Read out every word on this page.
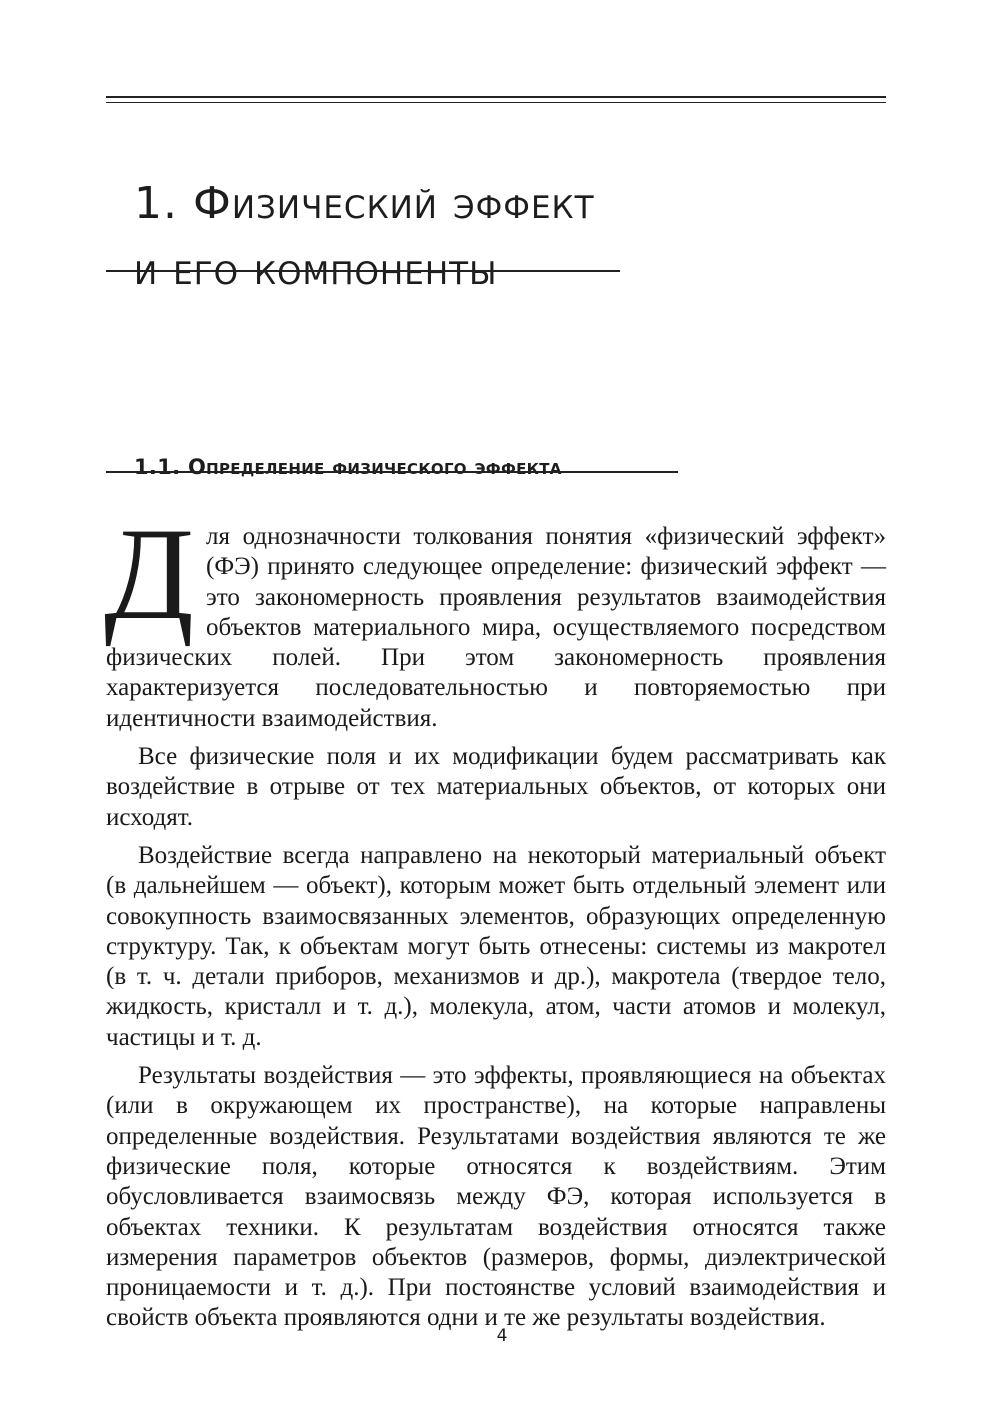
1. Физический эффект
и его компоненты
1.1. Определение физического эффекта

Для однозначности толкования понятия «физический эффект» (ФЭ) принято следующее определение: физический эффект — это закономерность проявления результатов взаимодействия объектов материального мира, осуществляемого посредством физических полей. При этом закономерность проявления характеризуется последовательностью и повторяемостью при идентичности взаимодействия.

Все физические поля и их модификации будем рассматривать как воздействие в отрыве от тех материальных объектов, от которых они исходят.

Воздействие всегда направлено на некоторый материальный объект (в дальнейшем — объект), которым может быть отдельный элемент или совокупность взаимосвязанных элементов, образующих определенную структуру. Так, к объектам могут быть отнесены: системы из макротел (в т. ч. детали приборов, механизмов и др.), макротела (твердое тело, жидкость, кристалл и т. д.), молекула, атом, части атомов и молекул, частицы и т. д.

Результаты воздействия — это эффекты, проявляющиеся на объектах (или в окружающем их пространстве), на которые направлены определенные воздействия. Результатами воздействия являются те же физические поля, которые относятся к воздействиям. Этим обусловливается взаимосвязь между ФЭ, которая используется в объектах техники. К результатам воздействия относятся также измерения параметров объектов (размеров, формы, диэлектрической проницаемости и т. д.). При постоянстве условий взаимодействия и свойств объекта проявляются одни и те же результаты воздействия.

4
